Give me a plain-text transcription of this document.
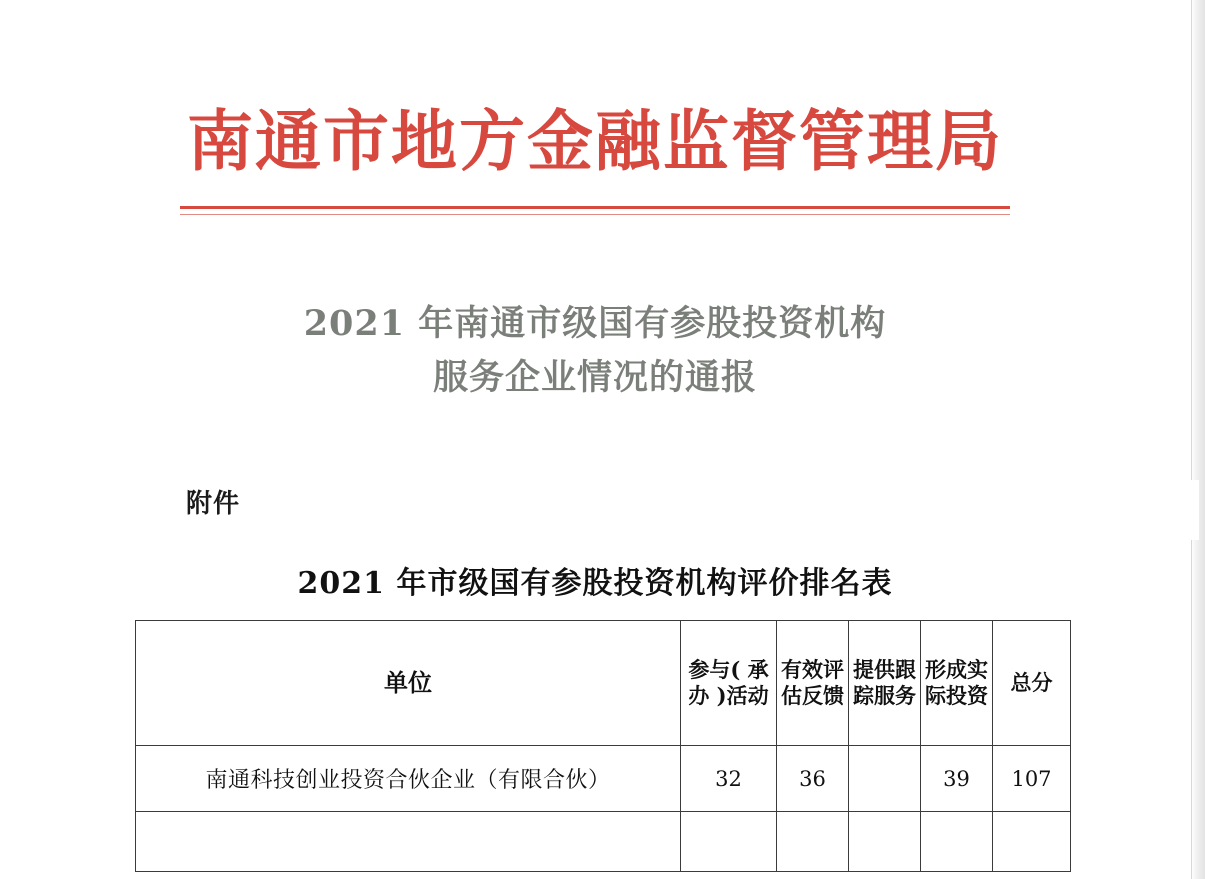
南通市地方金融监督管理局
2021 年南通市级国有参股投资机构
服务企业情况的通报
附件
2021 年市级国有参股投资机构评价排名表
单位	参与( 承办 )活动	有效评估反馈	提供跟踪服务	形成实际投资	总分
南通科技创业投资合伙企业（有限合伙）	32	36		39	107
